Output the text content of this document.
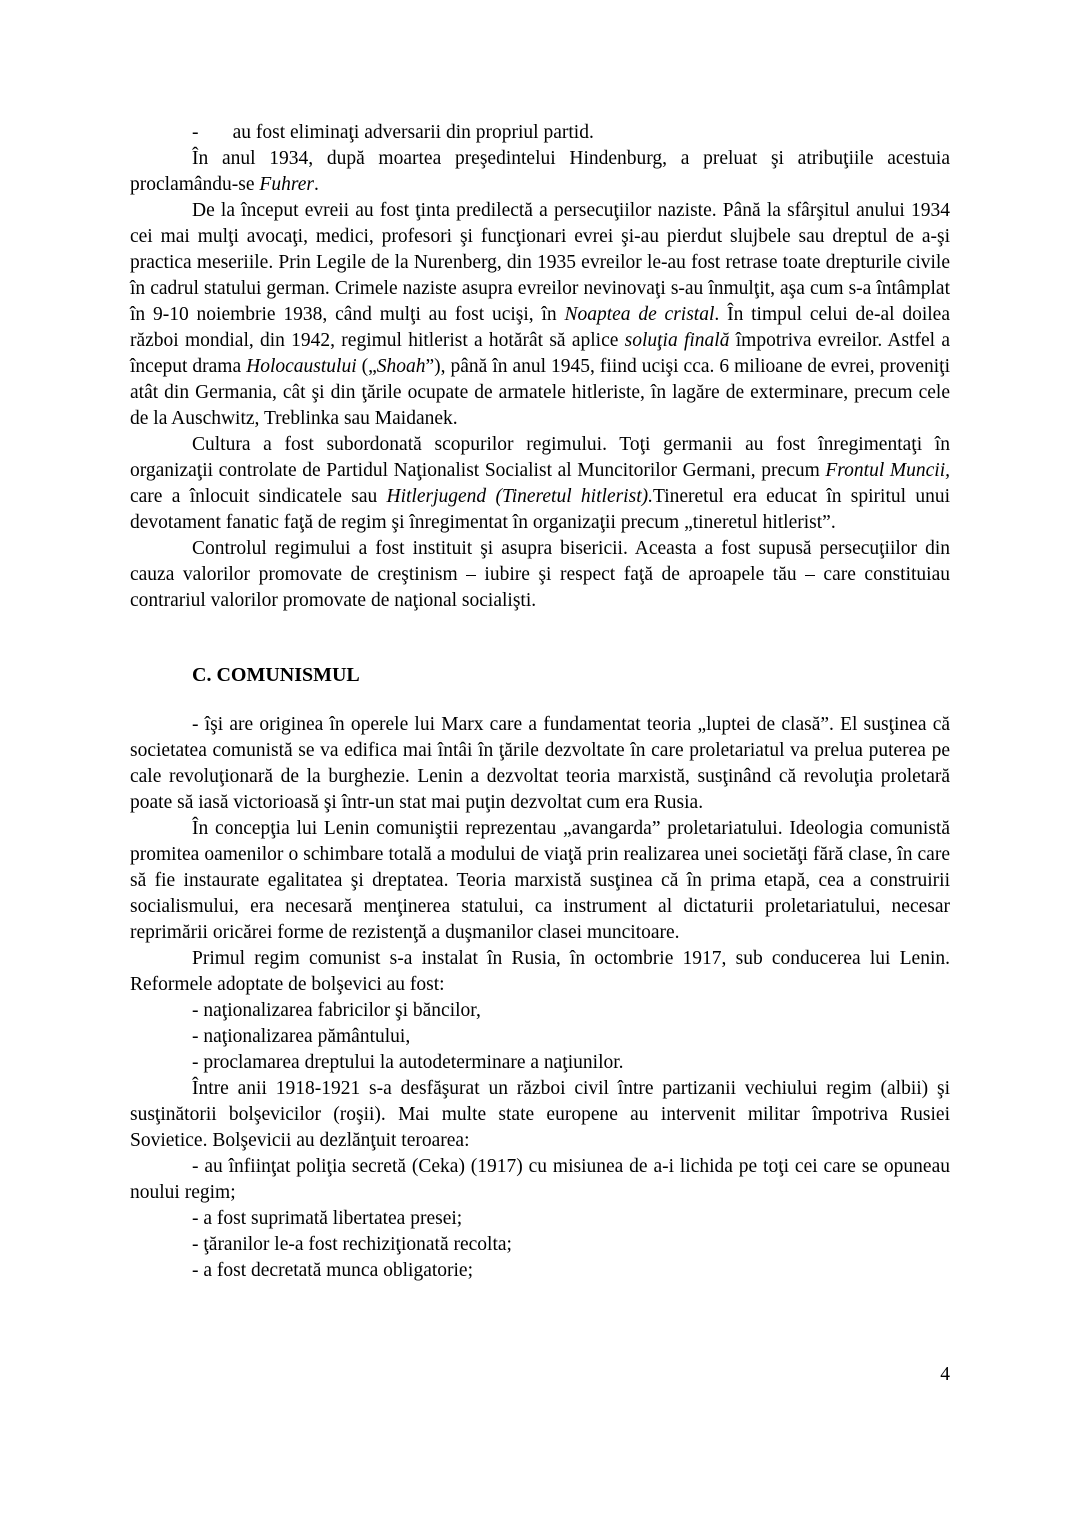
-       au fost eliminaţi adversarii din propriul partid.

În anul 1934, după moartea preşedintelui Hindenburg, a preluat şi atribuţiile acestuia proclamându-se Fuhrer.

De la început evreii au fost ţinta predilectă a persecuţiilor naziste. Până la sfârşitul anului 1934 cei mai mulţi avocaţi, medici, profesori şi funcţionari evrei şi-au pierdut slujbele sau dreptul de a-şi practica meseriile. Prin Legile de la Nurenberg, din 1935 evreilor le-au fost retrase toate drepturile civile în cadrul statului german. Crimele naziste asupra evreilor nevinovaţi s-au înmulţit, aşa cum s-a întâmplat în 9-10 noiembrie 1938, când mulţi au fost ucişi, în Noaptea de cristal. În timpul celui de-al doilea război mondial, din 1942, regimul hitlerist a hotărât să aplice soluţia finală împotriva evreilor. Astfel a început drama Holocaustului („Shoah”), până în anul 1945, fiind ucişi cca. 6 milioane de evrei, proveniţi atât din Germania, cât şi din ţările ocupate de armatele hitleriste, în lagăre de exterminare, precum cele de la Auschwitz, Treblinka sau Maidanek.

Cultura a fost subordonată scopurilor regimului. Toţi germanii au fost înregimentaţi în organizaţii controlate de Partidul Naţionalist Socialist al Muncitorilor Germani, precum Frontul Muncii, care a înlocuit sindicatele sau Hitlerjugend (Tineretul hitlerist).Tineretul era educat în spiritul unui devotament fanatic faţă de regim şi înregimentat în organizaţii precum „tineretul hitlerist”.

Controlul regimului a fost instituit şi asupra bisericii. Aceasta a fost supusă persecuţiilor din cauza valorilor promovate de creştinism – iubire şi respect faţă de aproapele tău – care constituiau contrariul valorilor promovate de naţional socialişti.

C. COMUNISMUL

- îşi are originea în operele lui Marx care a fundamentat teoria „luptei de clasă”. El susţinea că societatea comunistă se va edifica mai întâi în ţările dezvoltate în care proletariatul va prelua puterea pe cale revoluţionară de la burghezie. Lenin a dezvoltat teoria marxistă, susţinând că revoluţia proletară poate să iasă victorioasă şi într-un stat mai puţin dezvoltat cum era Rusia.

În concepţia lui Lenin comuniştii reprezentau „avangarda” proletariatului. Ideologia comunistă promitea oamenilor o schimbare totală a modului de viaţă prin realizarea unei societăţi fără clase, în care să fie instaurate egalitatea şi dreptatea. Teoria marxistă susţinea că în prima etapă, cea a construirii socialismului, era necesară menţinerea statului, ca instrument al dictaturii proletariatului, necesar reprimării oricărei forme de rezistenţă a duşmanilor clasei muncitoare.

Primul regim comunist s-a instalat în Rusia, în octombrie 1917, sub conducerea lui Lenin. Reformele adoptate de bolşevici au fost:

- naţionalizarea fabricilor şi băncilor,

- naţionalizarea pământului,

- proclamarea dreptului la autodeterminare a naţiunilor.

Între anii 1918-1921 s-a desfăşurat un război civil între partizanii vechiului regim (albii) şi susţinătorii bolşevicilor (roşii). Mai multe state europene au intervenit militar împotriva Rusiei Sovietice. Bolşevicii au dezlănţuit teroarea:

- au înfiinţat poliţia secretă (Ceka) (1917) cu misiunea de a-i lichida pe toţi cei care se opuneau noului regim;

- a fost suprimată libertatea presei;

- ţăranilor le-a fost rechiziţionată recolta;

- a fost decretată munca obligatorie;

4
